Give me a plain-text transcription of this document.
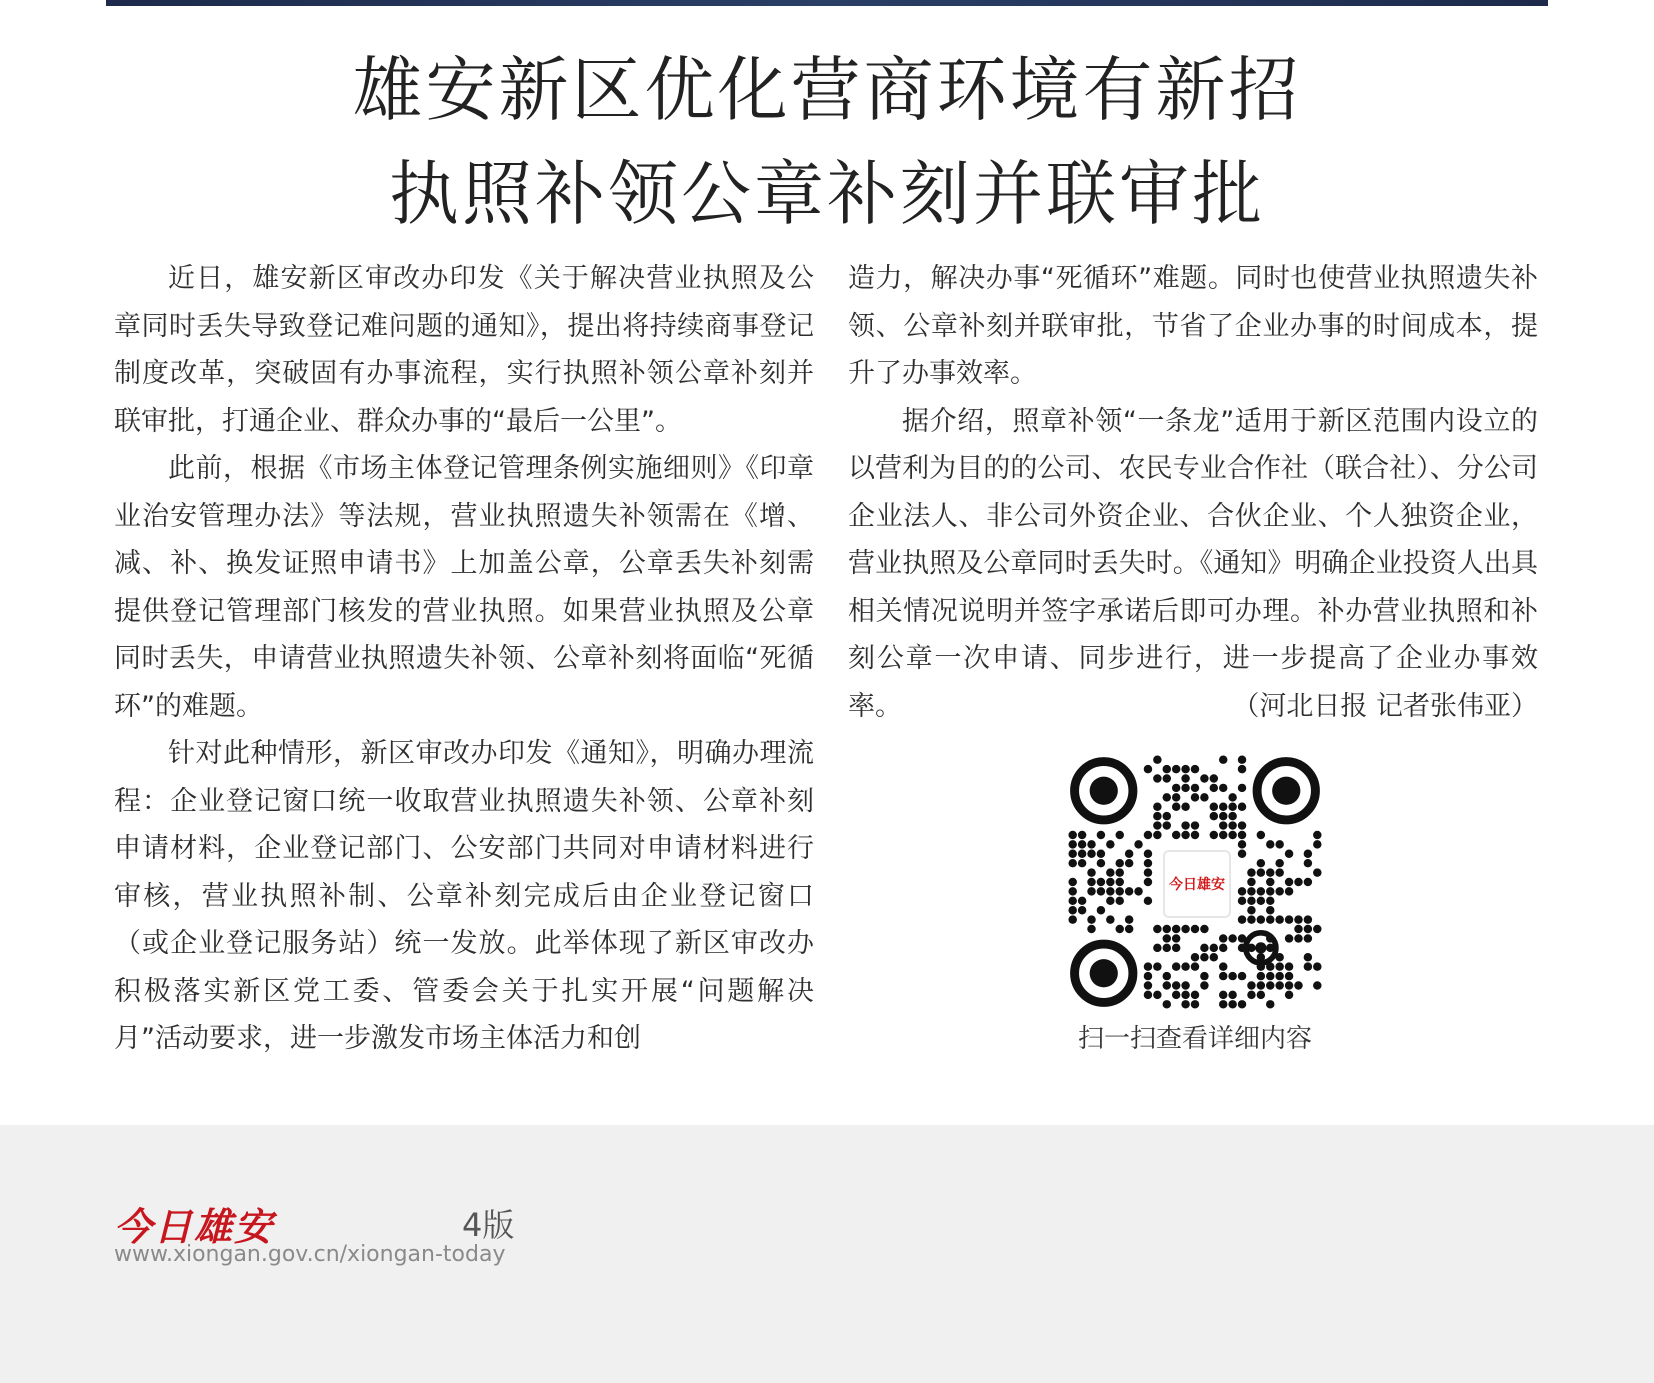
雄安新区优化营商环境有新招
执照补领公章补刻并联审批

近日，雄安新区审改办印发《关于解决营业执照及公章同时丢失导致登记难问题的通知》，提出将持续商事登记制度改革，突破固有办事流程，实行执照补领公章补刻并联审批，打通企业、群众办事的“最后一公里”。

此前，根据《市场主体登记管理条例实施细则》《印章业治安管理办法》等法规，营业执照遗失补领需在《增、减、补、换发证照申请书》上加盖公章，公章丢失补刻需提供登记管理部门核发的营业执照。如果营业执照及公章同时丢失，申请营业执照遗失补领、公章补刻将面临“死循环”的难题。

针对此种情形，新区审改办印发《通知》，明确办理流程：企业登记窗口统一收取营业执照遗失补领、公章补刻申请材料，企业登记部门、公安部门共同对申请材料进行审核，营业执照补制、公章补刻完成后由企业登记窗口（或企业登记服务站）统一发放。此举体现了新区审改办积极落实新区党工委、管委会关于扎实开展“问题解决月”活动要求，进一步激发市场主体活力和创

造力，解决办事“死循环”难题。同时也使营业执照遗失补领、公章补刻并联审批，节省了企业办事的时间成本，提升了办事效率。

据介绍，照章补领“一条龙”适用于新区范围内设立的以营利为目的的公司、农民专业合作社（联合社）、分公司企业法人、非公司外资企业、合伙企业、个人独资企业，营业执照及公章同时丢失时。《通知》明确企业投资人出具相关情况说明并签字承诺后即可办理。补办营业执照和补刻公章一次申请、同步进行，进一步提高了企业办事效率。	（河北日报 记者张伟亚）

今日雄安
扫一扫查看详细内容
今日雄安	4版
www.xiongan.gov.cn/xiongan-today
